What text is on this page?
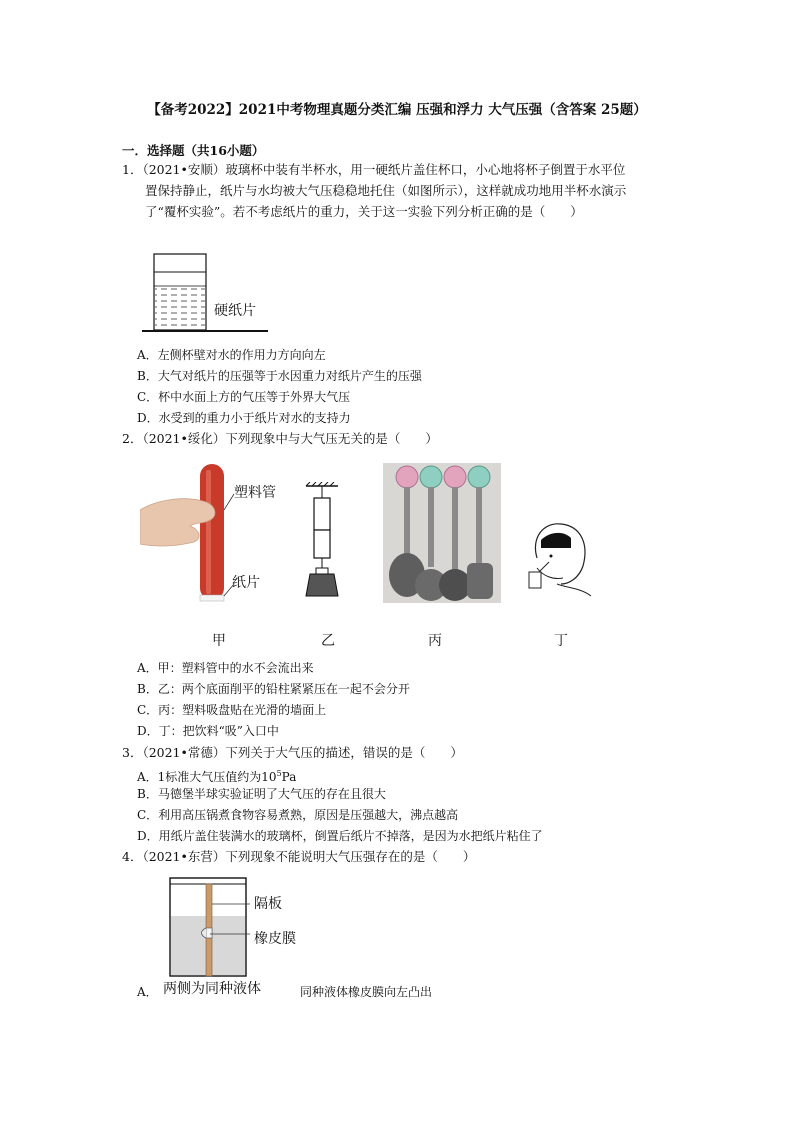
【备考2022】2021中考物理真题分类汇编 压强和浮力 大气压强（含答案 25题）
一．选择题（共16小题）
1．（2021•安顺）玻璃杯中装有半杯水，用一硬纸片盖住杯口，小心地将杯子倒置于水平位
置保持静止，纸片与水均被大气压稳稳地托住（如图所示），这样就成功地用半杯水演示
了“覆杯实验”。若不考虑纸片的重力，关于这一实验下列分析正确的是（　　）
硬纸片
A．左侧杯壁对水的作用力方向向左
B．大气对纸片的压强等于水因重力对纸片产生的压强
C．杯中水面上方的气压等于外界大气压
D．水受到的重力小于纸片对水的支持力
2．（2021•绥化）下列现象中与大气压无关的是（　　）
塑料管
纸片
甲	乙	丙	丁
A．甲：塑料管中的水不会流出来
B．乙：两个底面削平的铅柱紧紧压在一起不会分开
C．丙：塑料吸盘贴在光滑的墙面上
D．丁：把饮料“吸”入口中
3．（2021•常德）下列关于大气压的描述，错误的是（　　）
A．1标准大气压值约为$10^5Pa$
B．马德堡半球实验证明了大气压的存在且很大
C．利用高压锅煮食物容易煮熟，原因是压强越大，沸点越高
D．用纸片盖住装满水的玻璃杯，倒置后纸片不掉落，是因为水把纸片粘住了
4．（2021•东营）下列现象不能说明大气压强存在的是（　　）
隔板
橡皮膜
A． 两侧为同种液体	同种液体橡皮膜向左凸出
